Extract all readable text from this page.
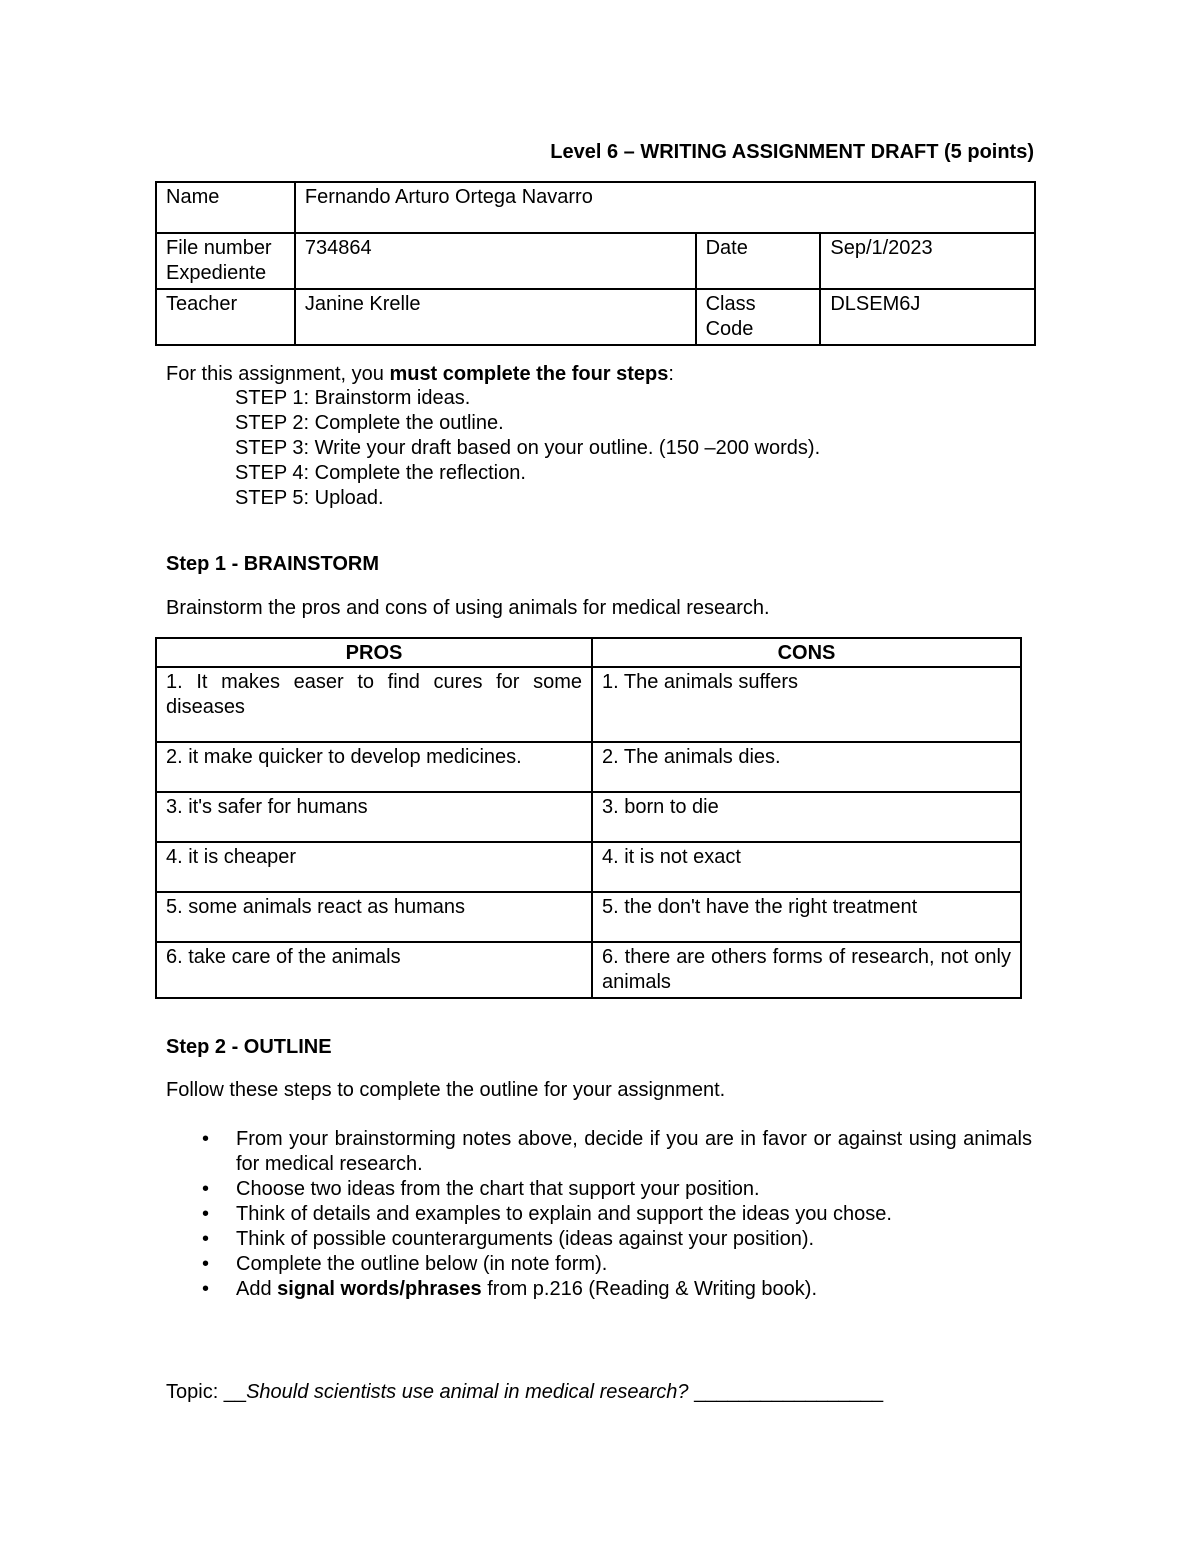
Level 6 – WRITING ASSIGNMENT DRAFT (5 points)
Name	Fernando Arturo Ortega Navarro		

File number
Expediente	734864	Date	Sep/1/2023
Teacher	Janine Krelle	Class
Code	DLSEM6J
For this assignment, you must complete the four steps:
STEP 1: Brainstorm ideas.
STEP 2: Complete the outline.
STEP 3: Write your draft based on your outline. (150 –200 words).
STEP 4: Complete the reflection.
STEP 5: Upload.
Step 1 - BRAINSTORM
Brainstorm the pros and cons of using animals for medical research.
PROS	CONS
1. It makes easer to find cures for some diseases	1. The animals suffers
2. it make quicker to develop medicines.	2. The animals dies.
3. it's safer for humans	3. born to die
4. it is cheaper	4. it is not exact
5. some animals react as humans	5. the don't have the right treatment
6. take care of the animals	6. there are others forms of research, not only animals
Step 2 - OUTLINE
Follow these steps to complete the outline for your assignment.
• From your brainstorming notes above, decide if you are in favor or against using animals for medical research.
• Choose two ideas from the chart that support your position.
• Think of details and examples to explain and support the ideas you chose.
• Think of possible counterarguments (ideas against your position).
• Complete the outline below (in note form).
• Add signal words/phrases from p.216 (Reading & Writing book).
Topic: __Should scientists use animal in medical research? _________________
